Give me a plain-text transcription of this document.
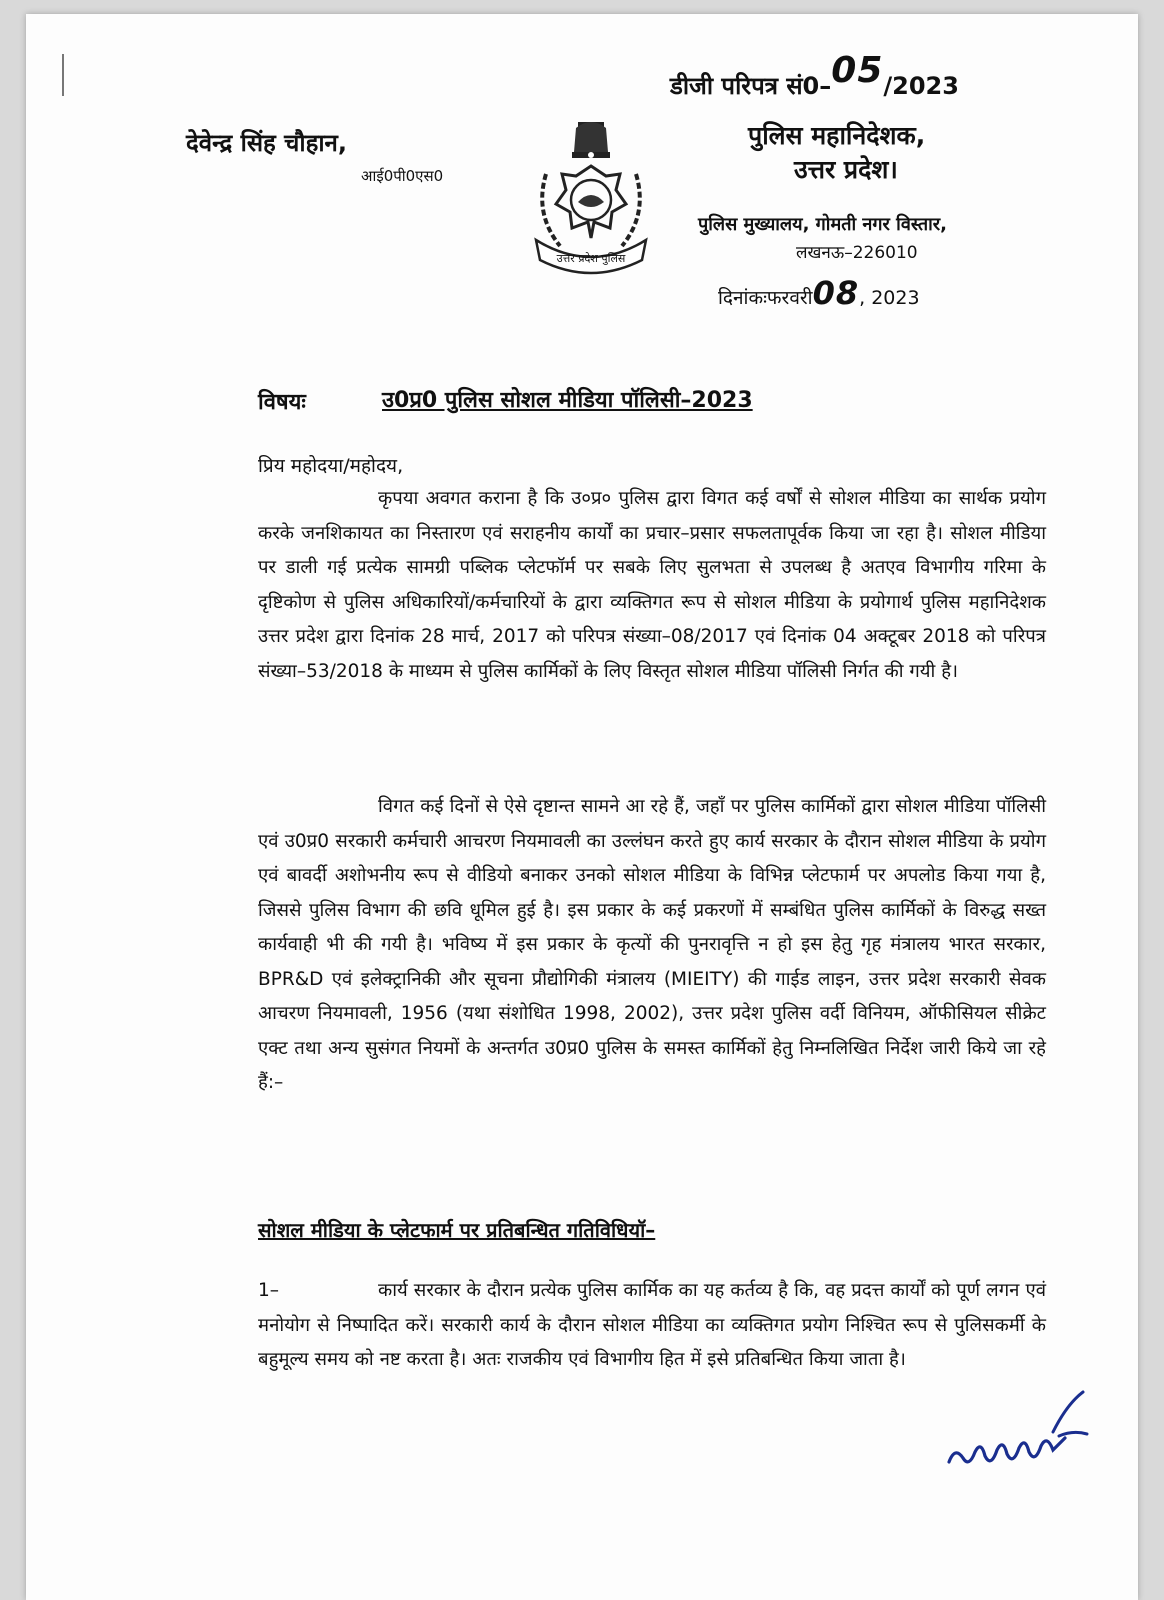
डीजी परिपत्र सं0–05/2023
देवेन्द्र सिंह चौहान,
आई0पी0एस0
उत्तर प्रदेश पुलिस
पुलिस महानिदेशक,
उत्तर प्रदेश।
पुलिस मुख्यालय, गोमती नगर विस्तार,
लखनऊ–226010
दिनांकःफरवरी08, 2023
विषयः	उ0प्र0 पुलिस सोशल मीडिया पॉलिसी–2023
प्रिय महोदया/महोदय,
कृपया अवगत कराना है कि उ०प्र० पुलिस द्वारा विगत कई वर्षों से सोशल मीडिया का सार्थक प्रयोग करके जनशिकायत का निस्तारण एवं सराहनीय कार्यों का प्रचार–प्रसार सफलतापूर्वक किया जा रहा है। सोशल मीडिया पर डाली गई प्रत्येक सामग्री पब्लिक प्लेटफॉर्म पर सबके लिए सुलभता से उपलब्ध है अतएव विभागीय गरिमा के दृष्टिकोण से पुलिस अधिकारियों/कर्मचारियों के द्वारा व्यक्तिगत रूप से सोशल मीडिया के प्रयोगार्थ पुलिस महानिदेशक उत्तर प्रदेश द्वारा दिनांक 28 मार्च, 2017 को परिपत्र संख्या–08/2017 एवं दिनांक 04 अक्टूबर 2018 को परिपत्र संख्या–53/2018 के माध्यम से पुलिस कार्मिकों के लिए विस्तृत सोशल मीडिया पॉलिसी निर्गत की गयी है।
विगत कई दिनों से ऐसे दृष्टान्त सामने आ रहे हैं, जहाँ पर पुलिस कार्मिकों द्वारा सोशल मीडिया पॉलिसी एवं उ0प्र0 सरकारी कर्मचारी आचरण नियमावली का उल्लंघन करते हुए कार्य सरकार के दौरान सोशल मीडिया के प्रयोग एवं बावर्दी अशोभनीय रूप से वीडियो बनाकर उनको सोशल मीडिया के विभिन्न प्लेटफार्म पर अपलोड किया गया है, जिससे पुलिस विभाग की छवि धूमिल हुई है। इस प्रकार के कई प्रकरणों में सम्बंधित पुलिस कार्मिकों के विरुद्ध सख्त कार्यवाही भी की गयी है। भविष्य में इस प्रकार के कृत्यों की पुनरावृत्ति न हो इस हेतु गृह मंत्रालय भारत सरकार, BPR&D एवं इलेक्ट्रानिकी और सूचना प्रौद्योगिकी मंत्रालय (MIEITY) की गाईड लाइन, उत्तर प्रदेश सरकारी सेवक आचरण नियमावली, 1956 (यथा संशोधित 1998, 2002), उत्तर प्रदेश पुलिस वर्दी विनियम, ऑफीसियल सीक्रेट एक्ट तथा अन्य सुसंगत नियमों के अन्तर्गत उ0प्र0 पुलिस के समस्त कार्मिकों हेतु निम्नलिखित निर्देश जारी किये जा रहे हैं:–
सोशल मीडिया के प्लेटफार्म पर प्रतिबन्धित गतिविधियॉ–
1–	कार्य सरकार के दौरान प्रत्येक पुलिस कार्मिक का यह कर्तव्य है कि, वह प्रदत्त कार्यों को पूर्ण लगन एवं मनोयोग से निष्पादित करें। सरकारी कार्य के दौरान सोशल मीडिया का व्यक्तिगत प्रयोग निश्चित रूप से पुलिसकर्मी के बहुमूल्य समय को नष्ट करता है। अतः राजकीय एवं विभागीय हित में इसे प्रतिबन्धित किया जाता है।
